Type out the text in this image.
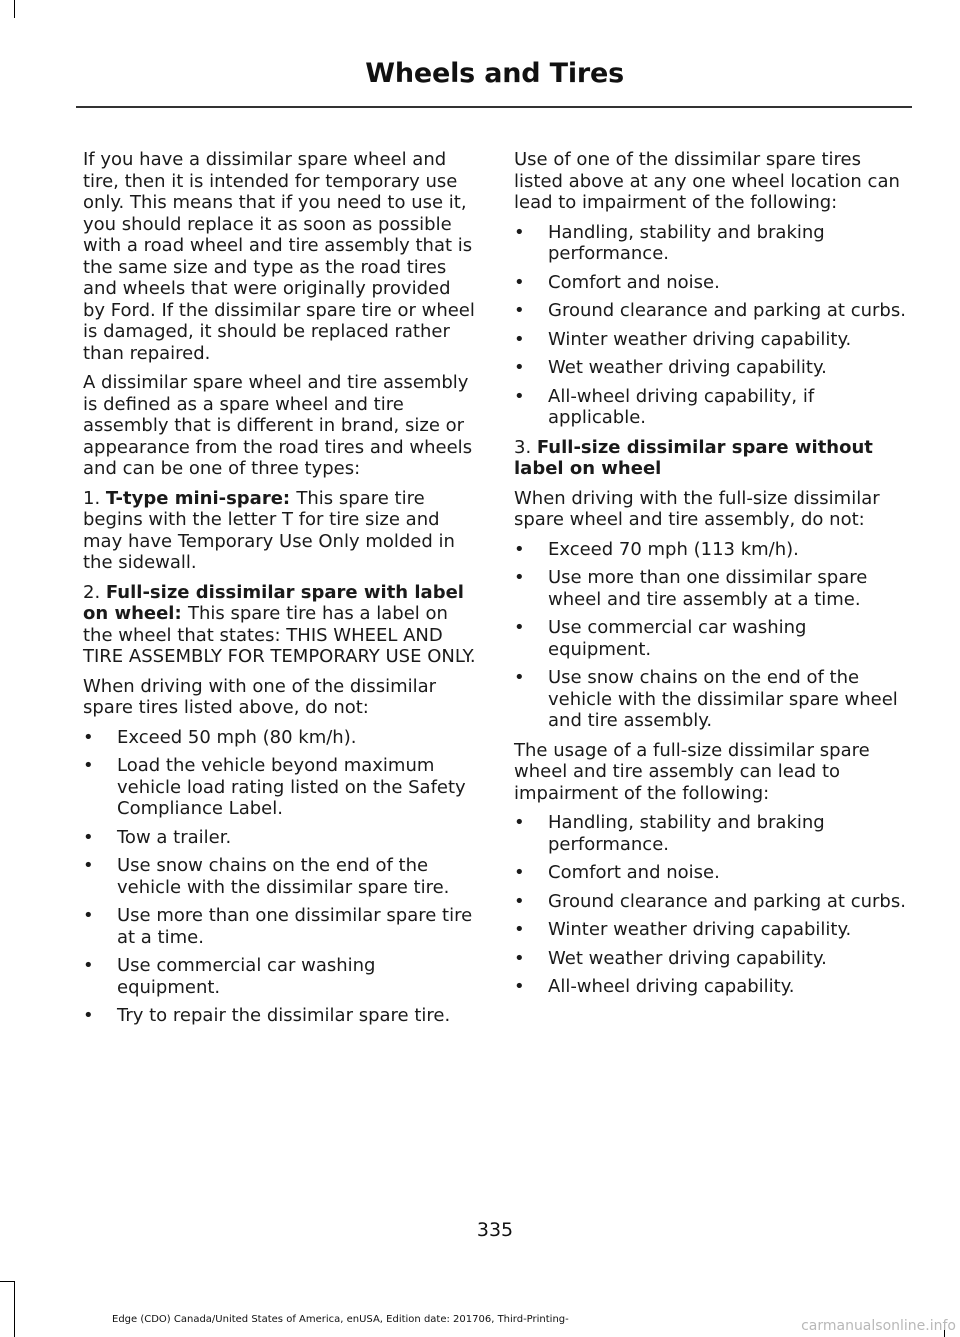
Wheels and Tires

If you have a dissimilar spare wheel and tire, then it is intended for temporary use only. This means that if you need to use it, you should replace it as soon as possible with a road wheel and tire assembly that is the same size and type as the road tires and wheels that were originally provided by Ford. If the dissimilar spare tire or wheel is damaged, it should be replaced rather than repaired.

A dissimilar spare wheel and tire assembly is defined as a spare wheel and tire assembly that is different in brand, size or appearance from the road tires and wheels and can be one of three types:

1. T-type mini-spare: This spare tire begins with the letter T for tire size and may have Temporary Use Only molded in the sidewall.

2. Full-size dissimilar spare with label on wheel: This spare tire has a label on the wheel that states: THIS WHEEL AND TIRE ASSEMBLY FOR TEMPORARY USE ONLY.

When driving with one of the dissimilar spare tires listed above, do not:

• Exceed 50 mph (80 km/h).
• Load the vehicle beyond maximum vehicle load rating listed on the Safety Compliance Label.
• Tow a trailer.
• Use snow chains on the end of the vehicle with the dissimilar spare tire.
• Use more than one dissimilar spare tire at a time.
• Use commercial car washing equipment.
• Try to repair the dissimilar spare tire.

Use of one of the dissimilar spare tires listed above at any one wheel location can lead to impairment of the following:

• Handling, stability and braking performance.
• Comfort and noise.
• Ground clearance and parking at curbs.
• Winter weather driving capability.
• Wet weather driving capability.
• All-wheel driving capability, if applicable.

3. Full-size dissimilar spare without label on wheel

When driving with the full-size dissimilar spare wheel and tire assembly, do not:

• Exceed 70 mph (113 km/h).
• Use more than one dissimilar spare wheel and tire assembly at a time.
• Use commercial car washing equipment.
• Use snow chains on the end of the vehicle with the dissimilar spare wheel and tire assembly.

The usage of a full-size dissimilar spare wheel and tire assembly can lead to impairment of the following:

• Handling, stability and braking performance.
• Comfort and noise.
• Ground clearance and parking at curbs.
• Winter weather driving capability.
• Wet weather driving capability.
• All-wheel driving capability.
335
Edge (CDO) Canada/United States of America, enUSA, Edition date: 201706, Third-Printing-	carmanualsonline.info
